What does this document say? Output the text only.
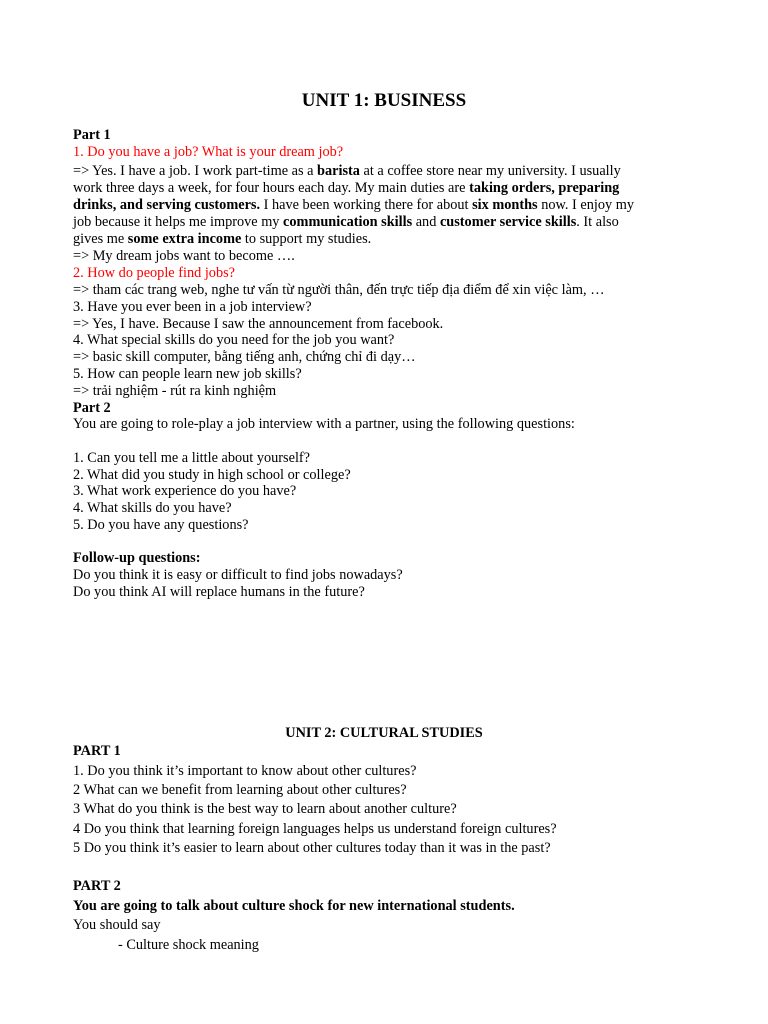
UNIT 1: BUSINESS
Part 1
1. Do you have a job? What is your dream job?
=> Yes. I have a job. I work part-time as a barista at a coffee store near my university. I usually
work three days a week, for four hours each day. My main duties are taking orders, preparing
drinks, and serving customers. I have been working there for about six months now. I enjoy my
job because it helps me improve my communication skills and customer service skills. It also
gives me some extra income to support my studies.
=> My dream jobs want to become ….
2. How do people find jobs?
=> tham các trang web, nghe tư vấn từ người thân, đến trực tiếp địa điểm để xin việc làm, …
3. Have you ever been in a job interview?
=> Yes, I have. Because I saw the announcement from facebook.
4. What special skills do you need for the job you want?
=> basic skill computer, bằng tiếng anh, chứng chỉ đi dạy…
5. How can people learn new job skills?
=> trải nghiệm - rút ra kinh nghiệm
Part 2
You are going to role-play a job interview with a partner, using the following questions:
1. Can you tell me a little about yourself?
2. What did you study in high school or college?
3. What work experience do you have?
4. What skills do you have?
5. Do you have any questions?
Follow-up questions:
Do you think it is easy or difficult to find jobs nowadays?
Do you think AI will replace humans in the future?
UNIT 2: CULTURAL STUDIES
PART 1
1. Do you think it’s important to know about other cultures?
2 What can we benefit from learning about other cultures?
3 What do you think is the best way to learn about another culture?
4 Do you think that learning foreign languages helps us understand foreign cultures?
5 Do you think it’s easier to learn about other cultures today than it was in the past?
PART 2
You are going to talk about culture shock for new international students.
You should say
- Culture shock meaning
